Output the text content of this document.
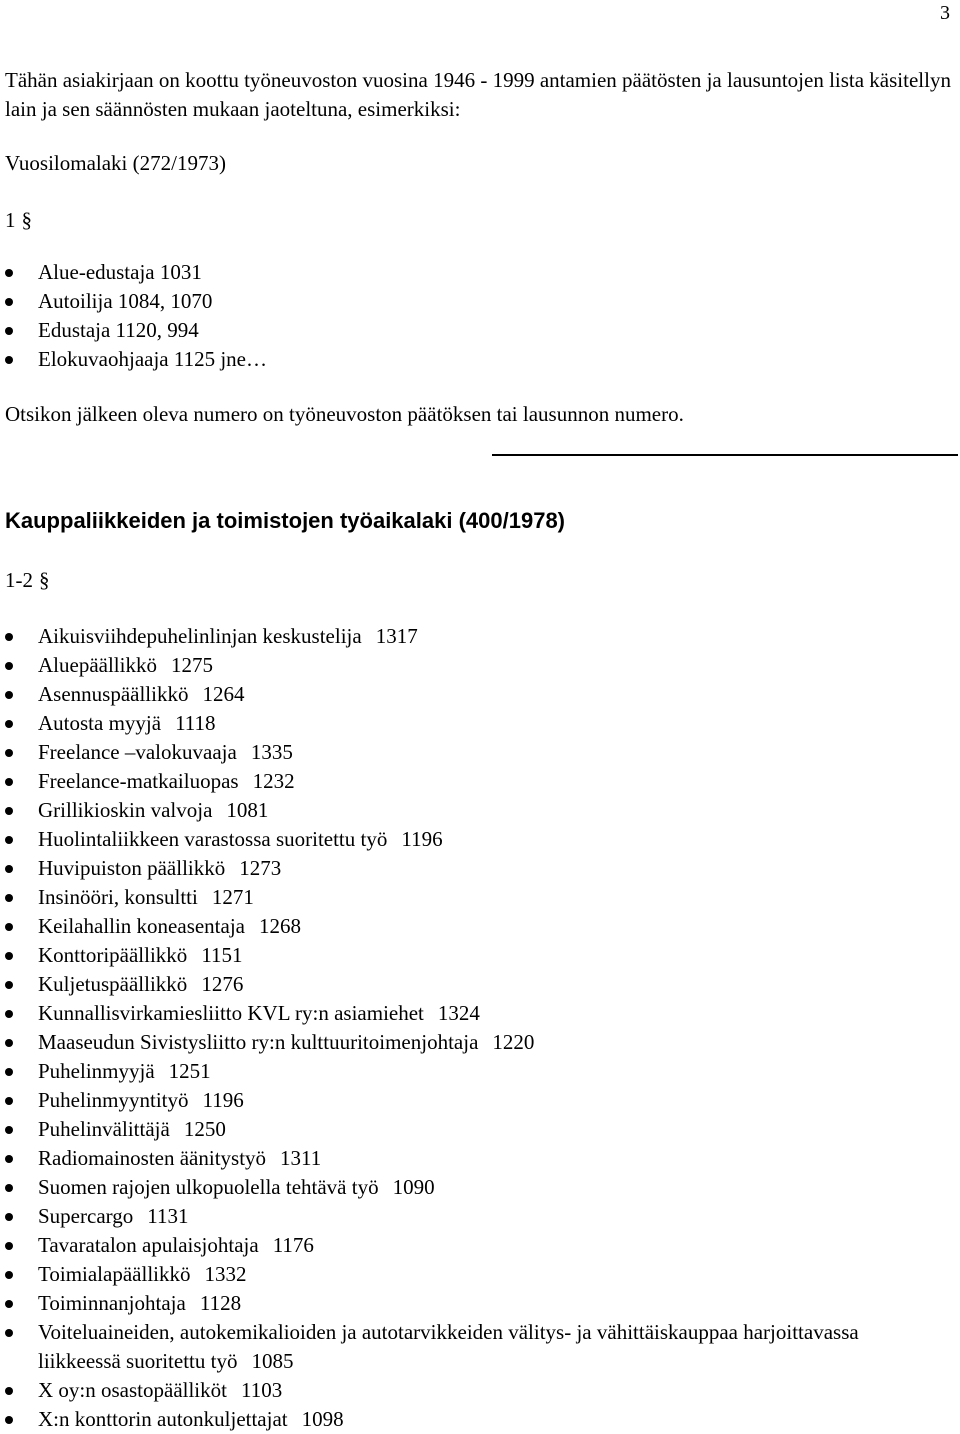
3

Tähän asiakirjaan on koottu työneuvoston vuosina 1946 - 1999 antamien päätösten ja lausuntojen lista käsitellyn lain ja sen säännösten mukaan jaoteltuna, esimerkiksi:

Vuosilomalaki (272/1973)

1 §

Alue-edustaja 1031
Autoilija 1084, 1070
Edustaja 1120, 994
Elokuvaohjaaja 1125 jne…

Otsikon jälkeen oleva numero on työneuvoston päätöksen tai lausunnon numero.

Kauppaliikkeiden ja toimistojen työaikalaki (400/1978)

1-2 §

Aikuisviihdepuhelinlinjan keskustelija 1317
Aluepäällikkö 1275
Asennuspäällikkö 1264
Autosta myyjä 1118
Freelance –valokuvaaja 1335
Freelance-matkailuopas 1232
Grillikioskin valvoja 1081
Huolintaliikkeen varastossa suoritettu työ 1196
Huvipuiston päällikkö 1273
Insinööri, konsultti 1271
Keilahallin koneasentaja 1268
Konttoripäällikkö 1151
Kuljetuspäällikkö 1276
Kunnallisvirkamiesliitto KVL ry:n asiamiehet 1324
Maaseudun Sivistysliitto ry:n kulttuuritoimenjohtaja 1220
Puhelinmyyjä 1251
Puhelinmyyntityö 1196
Puhelinvälittäjä 1250
Radiomainosten äänitystyö 1311
Suomen rajojen ulkopuolella tehtävä työ 1090
Supercargo 1131
Tavaratalon apulaisjohtaja 1176
Toimialapäällikkö 1332
Toiminnanjohtaja 1128
Voiteluaineiden, autokemikalioiden ja autotarvikkeiden välitys- ja vähittäiskauppaa harjoittavassa liikkeessä suoritettu työ 1085
X oy:n osastopäälliköt 1103
X:n konttorin autonkuljettajat 1098
